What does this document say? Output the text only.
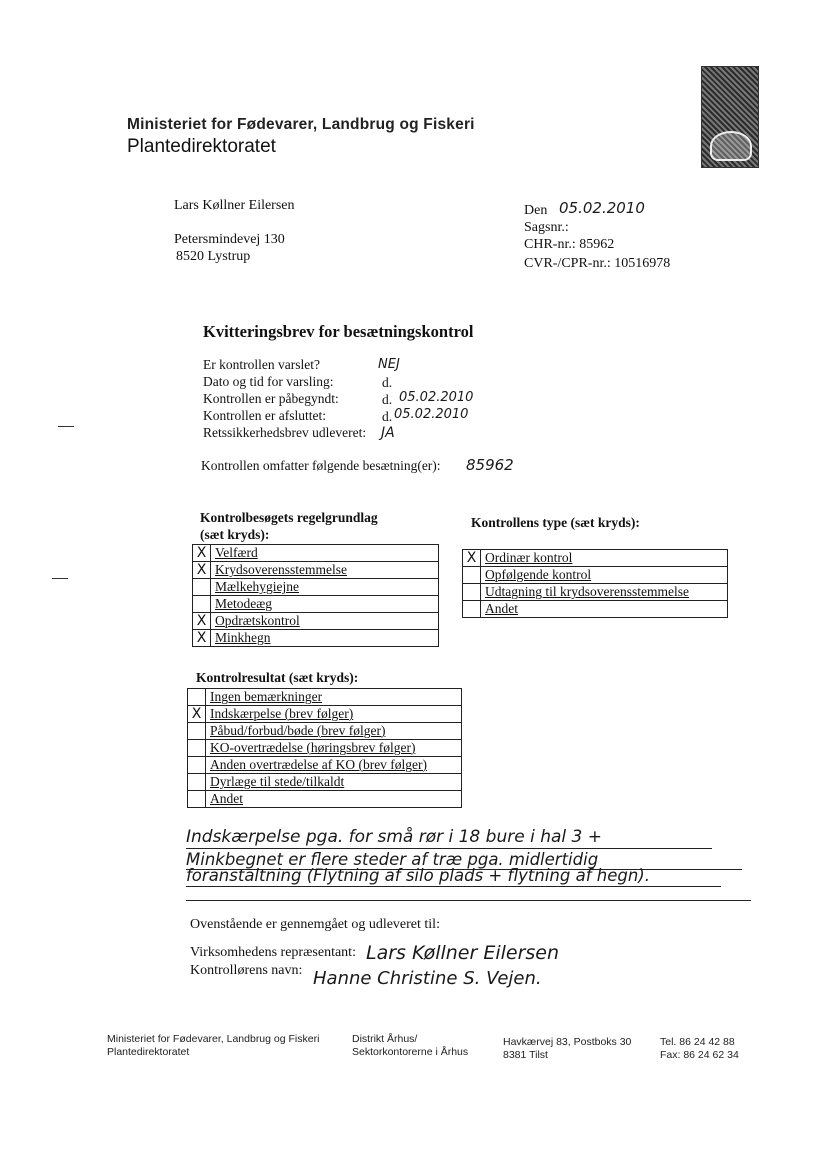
Ministeriet for Fødevarer, Landbrug og Fiskeri
Plantedirektoratet
Lars Køllner Eilersen
Petersmindevej 130
8520 Lystrup
Den 05.02.2010
Sagsnr.:
CHR-nr.: 85962
CVR-/CPR-nr.: 10516978
Kvitteringsbrev for besætningskontrol
Er kontrollen varslet?	NEJ
Dato og tid for varsling:	d.
Kontrollen er påbegyndt:	d. 05.02.2010
Kontrollen er afsluttet:	d. 05.02.2010
Retssikkerhedsbrev udleveret: JA
Kontrollen omfatter følgende besætning(er): 85962
Kontrolbesøgets regelgrundlag
(sæt kryds):
X	Velfærd
X	Krydsoverensstemmelse
	Mælkehygiejne
	Metodeæg
X	Opdrætskontrol
X	Minkhegn
Kontrollens type (sæt kryds):
X	Ordinær kontrol
	Opfølgende kontrol
	Udtagning til krydsoverensstemmelse
	Andet
Kontrolresultat (sæt kryds):
	Ingen bemærkninger
X	Indskærpelse (brev følger)
	Påbud/forbud/bøde (brev følger)
	KO-overtrædelse (høringsbrev følger)
	Anden overtrædelse af KO (brev følger)
	Dyrlæge til stede/tilkaldt
	Andet
Indskærpelse pga. for små rør i 18 bure i hal 3 +
Minkbegnet er flere steder af træ pga. midlertidig
foranstaltning (Flytning af silo plads + flytning af hegn).
Ovenstående er gennemgået og udleveret til:
Virksomhedens repræsentant: Lars Køllner Eilersen
Kontrollørens navn: Hanne Christine S. Vejen.
Ministeriet for Fødevarer, Landbrug og Fiskeri
Plantedirektoratet
Distrikt Århus/
Sektorkontorerne i Århus
Havkærvej 83, Postboks 30
8381 Tilst
Tel. 86 24 42 88
Fax: 86 24 62 34
